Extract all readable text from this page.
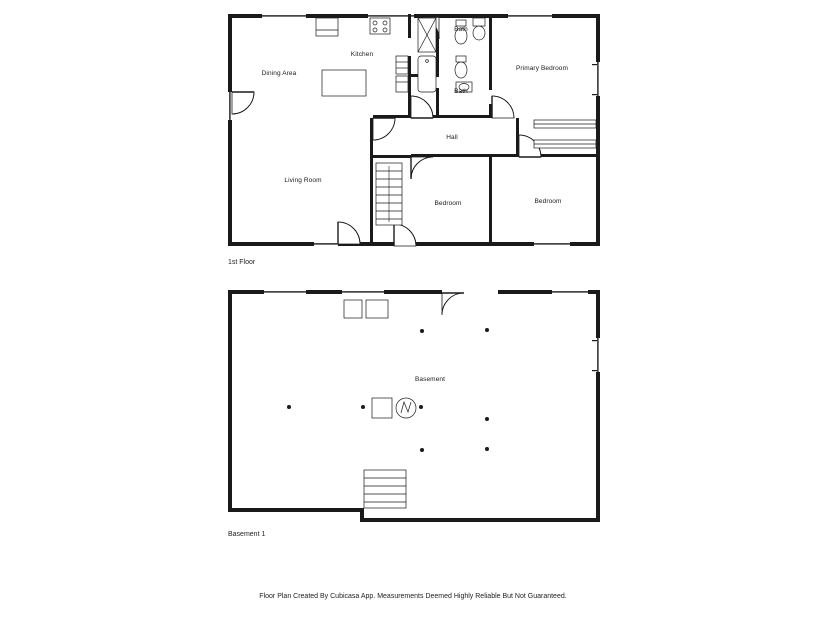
Dining Area
Kitchen
Bath
Bath
Primary Bedroom
Hall
Living Room
Bedroom	Bedroom
Basement
1st Floor
Basement 1
Floor Plan Created By Cubicasa App. Measurements Deemed Highly Reliable But Not Guaranteed.
